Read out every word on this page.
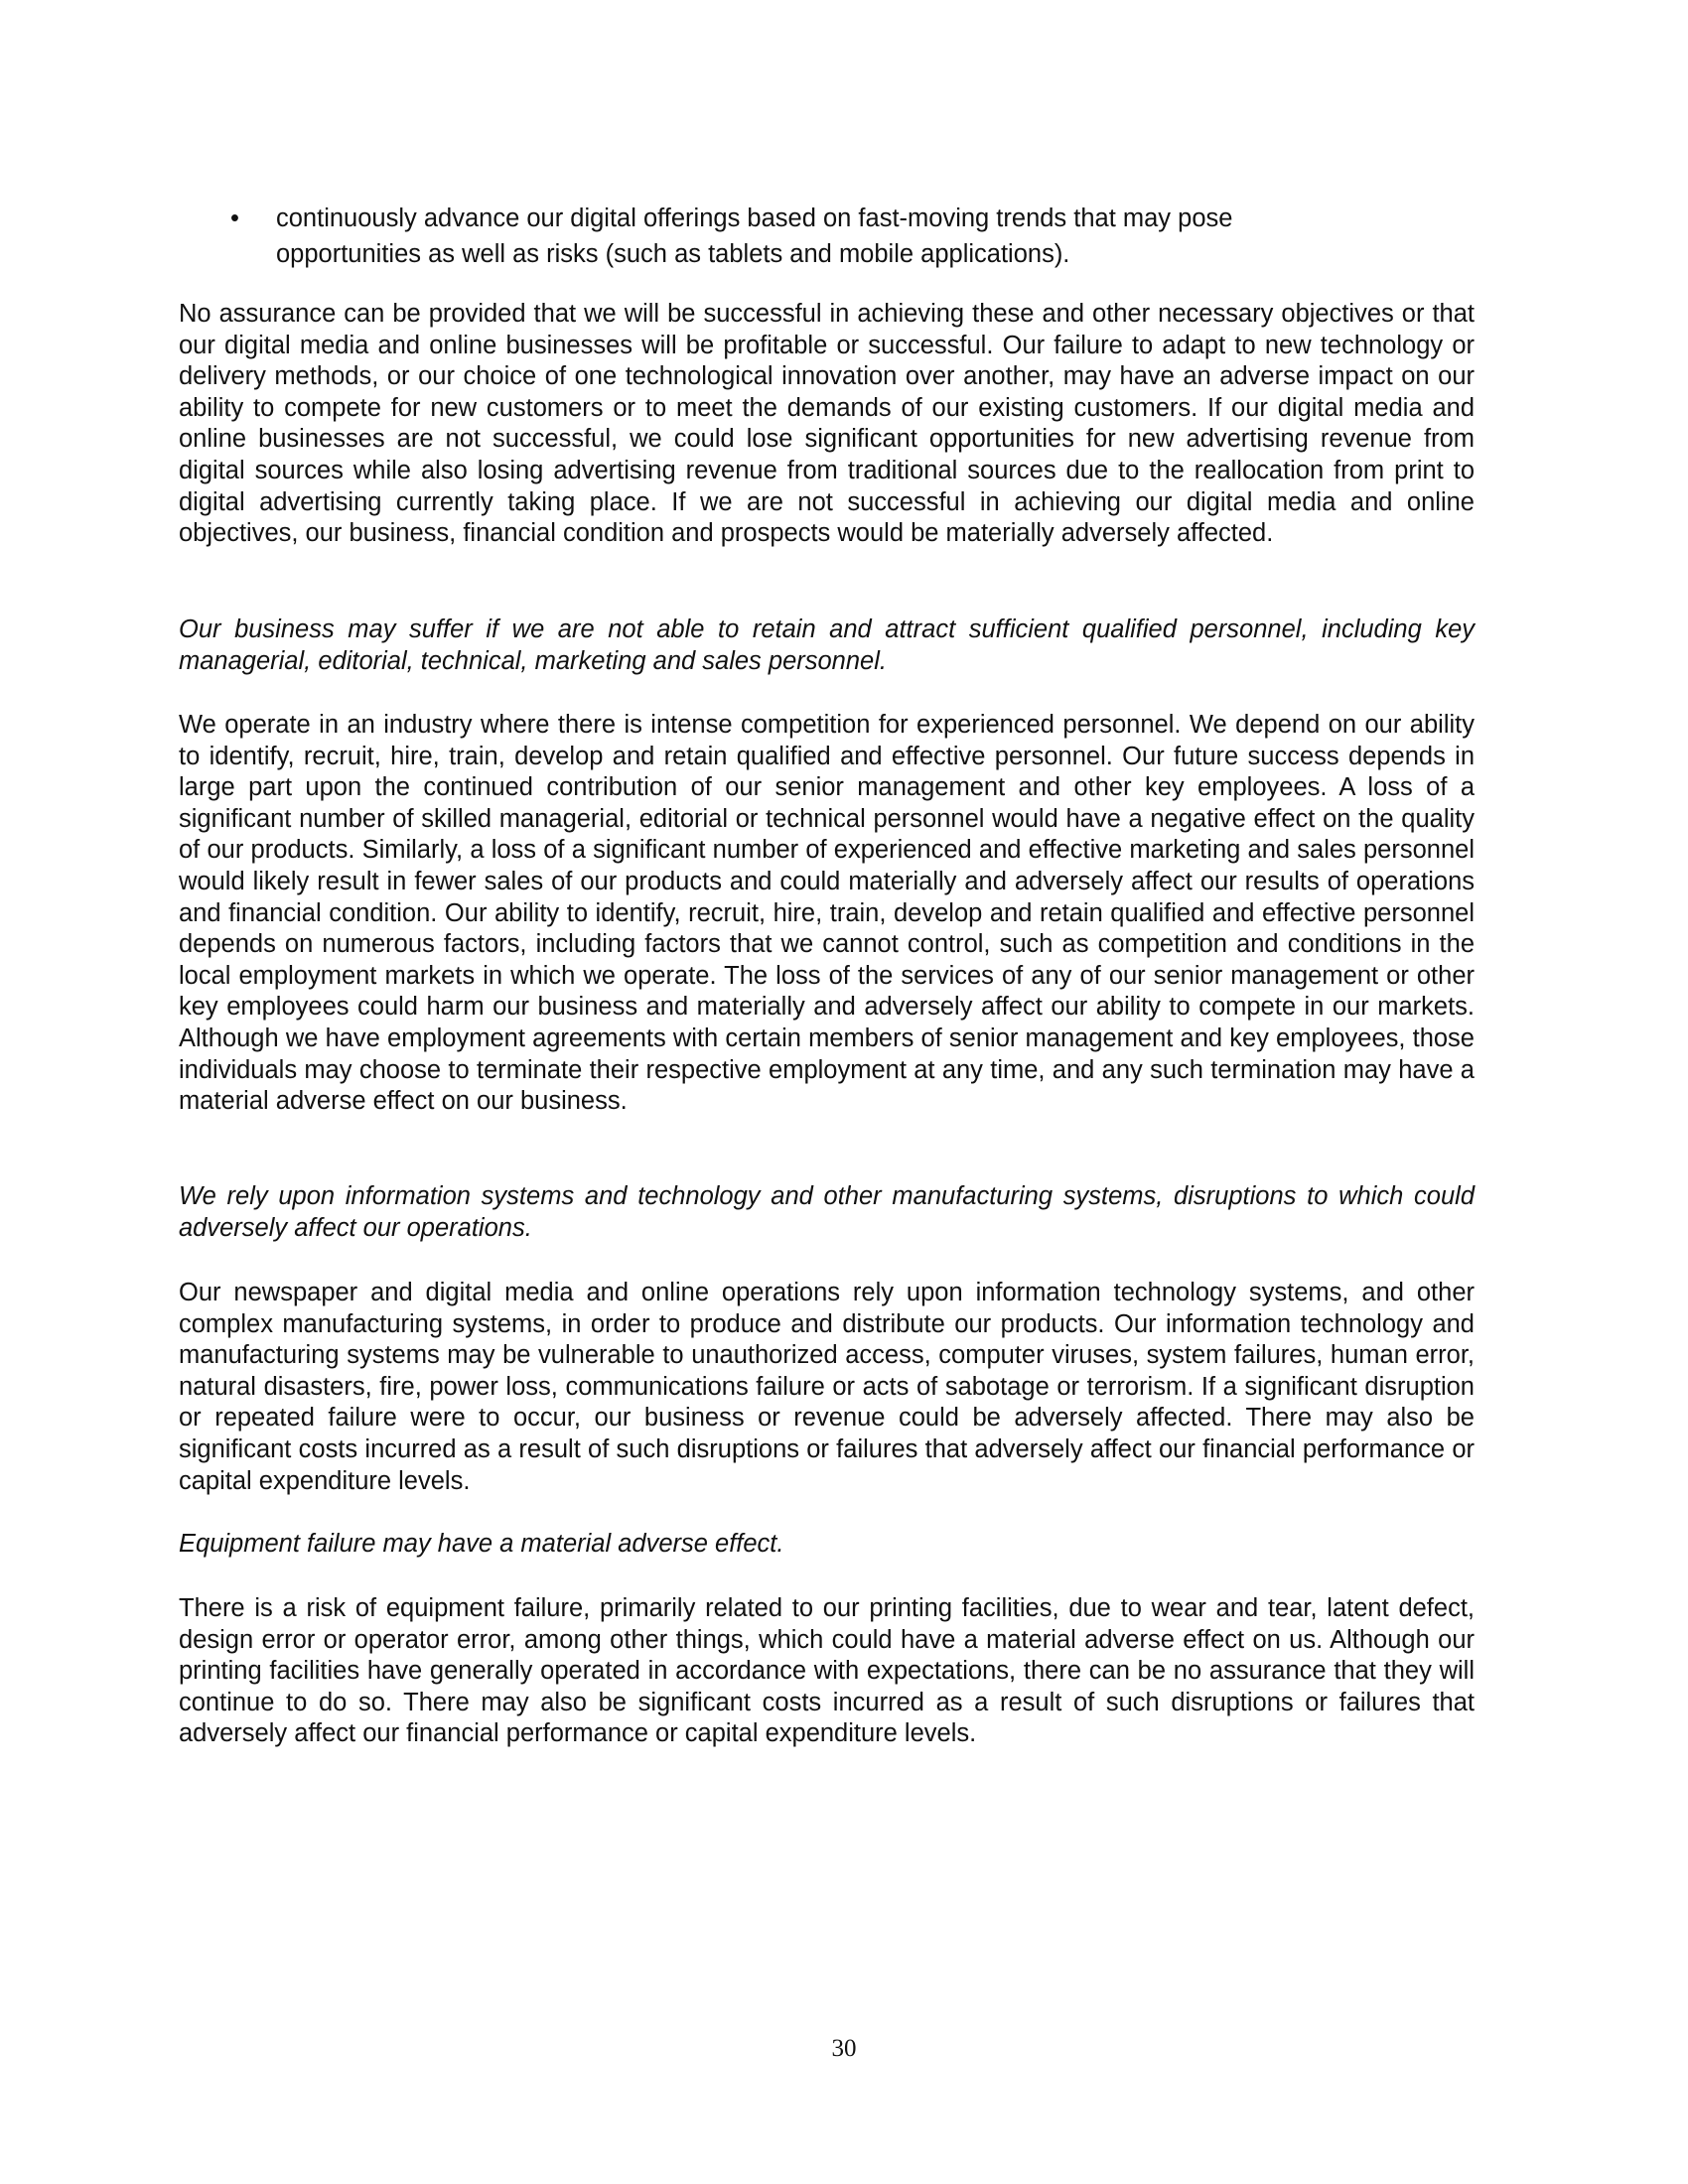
• continuously advance our digital offerings based on fast-moving trends that may pose opportunities as well as risks (such as tablets and mobile applications).

No assurance can be provided that we will be successful in achieving these and other necessary objectives or that our digital media and online businesses will be profitable or successful. Our failure to adapt to new technology or delivery methods, or our choice of one technological innovation over another, may have an adverse impact on our ability to compete for new customers or to meet the demands of our existing customers. If our digital media and online businesses are not successful, we could lose significant opportunities for new advertising revenue from digital sources while also losing advertising revenue from traditional sources due to the reallocation from print to digital advertising currently taking place. If we are not successful in achieving our digital media and online objectives, our business, financial condition and prospects would be materially adversely affected.

Our business may suffer if we are not able to retain and attract sufficient qualified personnel, including key managerial, editorial, technical, marketing and sales personnel.

We operate in an industry where there is intense competition for experienced personnel. We depend on our ability to identify, recruit, hire, train, develop and retain qualified and effective personnel. Our future success depends in large part upon the continued contribution of our senior management and other key employees. A loss of a significant number of skilled managerial, editorial or technical personnel would have a negative effect on the quality of our products. Similarly, a loss of a significant number of experienced and effective marketing and sales personnel would likely result in fewer sales of our products and could materially and adversely affect our results of operations and financial condition. Our ability to identify, recruit, hire, train, develop and retain qualified and effective personnel depends on numerous factors, including factors that we cannot control, such as competition and conditions in the local employment markets in which we operate. The loss of the services of any of our senior management or other key employees could harm our business and materially and adversely affect our ability to compete in our markets. Although we have employment agreements with certain members of senior management and key employees, those individuals may choose to terminate their respective employment at any time, and any such termination may have a material adverse effect on our business.

We rely upon information systems and technology and other manufacturing systems, disruptions to which could adversely affect our operations.

Our newspaper and digital media and online operations rely upon information technology systems, and other complex manufacturing systems, in order to produce and distribute our products. Our information technology and manufacturing systems may be vulnerable to unauthorized access, computer viruses, system failures, human error, natural disasters, fire, power loss, communications failure or acts of sabotage or terrorism. If a significant disruption or repeated failure were to occur, our business or revenue could be adversely affected. There may also be significant costs incurred as a result of such disruptions or failures that adversely affect our financial performance or capital expenditure levels.

Equipment failure may have a material adverse effect.

There is a risk of equipment failure, primarily related to our printing facilities, due to wear and tear, latent defect, design error or operator error, among other things, which could have a material adverse effect on us. Although our printing facilities have generally operated in accordance with expectations, there can be no assurance that they will continue to do so. There may also be significant costs incurred as a result of such disruptions or failures that adversely affect our financial performance or capital expenditure levels.

30
